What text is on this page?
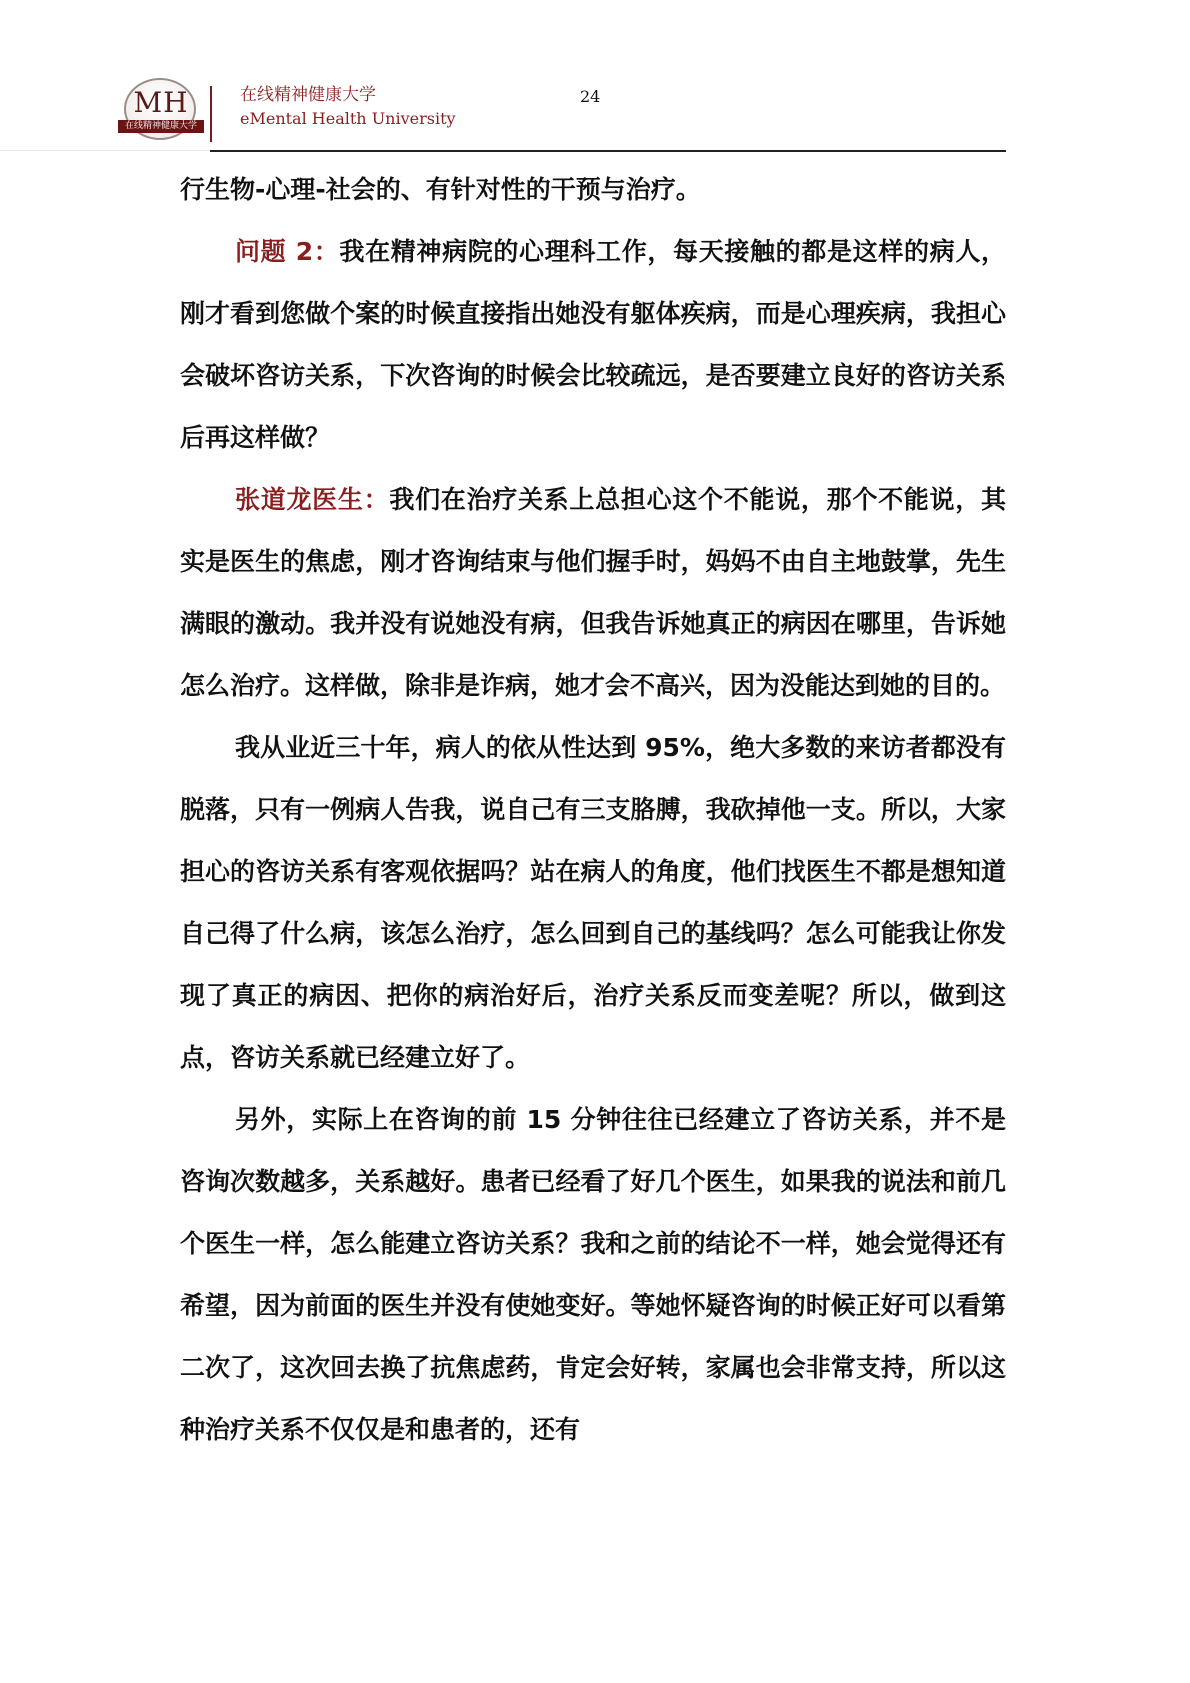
MH
在线精神健康大学
在线精神健康大学
eMental Health University
24

行生物-心理-社会的、有针对性的干预与治疗。

问题 2：我在精神病院的心理科工作，每天接触的都是这样的病人，刚才看到您做个案的时候直接指出她没有躯体疾病，而是心理疾病，我担心会破坏咨访关系，下次咨询的时候会比较疏远，是否要建立良好的咨访关系后再这样做？

张道龙医生：我们在治疗关系上总担心这个不能说，那个不能说，其实是医生的焦虑，刚才咨询结束与他们握手时，妈妈不由自主地鼓掌，先生满眼的激动。我并没有说她没有病，但我告诉她真正的病因在哪里，告诉她怎么治疗。这样做，除非是诈病，她才会不高兴，因为没能达到她的目的。

我从业近三十年，病人的依从性达到 95%，绝大多数的来访者都没有脱落，只有一例病人告我，说自己有三支胳膊，我砍掉他一支。所以，大家担心的咨访关系有客观依据吗？站在病人的角度，他们找医生不都是想知道自己得了什么病，该怎么治疗，怎么回到自己的基线吗？怎么可能我让你发现了真正的病因、把你的病治好后，治疗关系反而变差呢？所以，做到这点，咨访关系就已经建立好了。

另外，实际上在咨询的前 15 分钟往往已经建立了咨访关系，并不是咨询次数越多，关系越好。患者已经看了好几个医生，如果我的说法和前几个医生一样，怎么能建立咨访关系？我和之前的结论不一样，她会觉得还有希望，因为前面的医生并没有使她变好。等她怀疑咨询的时候正好可以看第二次了，这次回去换了抗焦虑药，肯定会好转，家属也会非常支持，所以这种治疗关系不仅仅是和患者的，还有
